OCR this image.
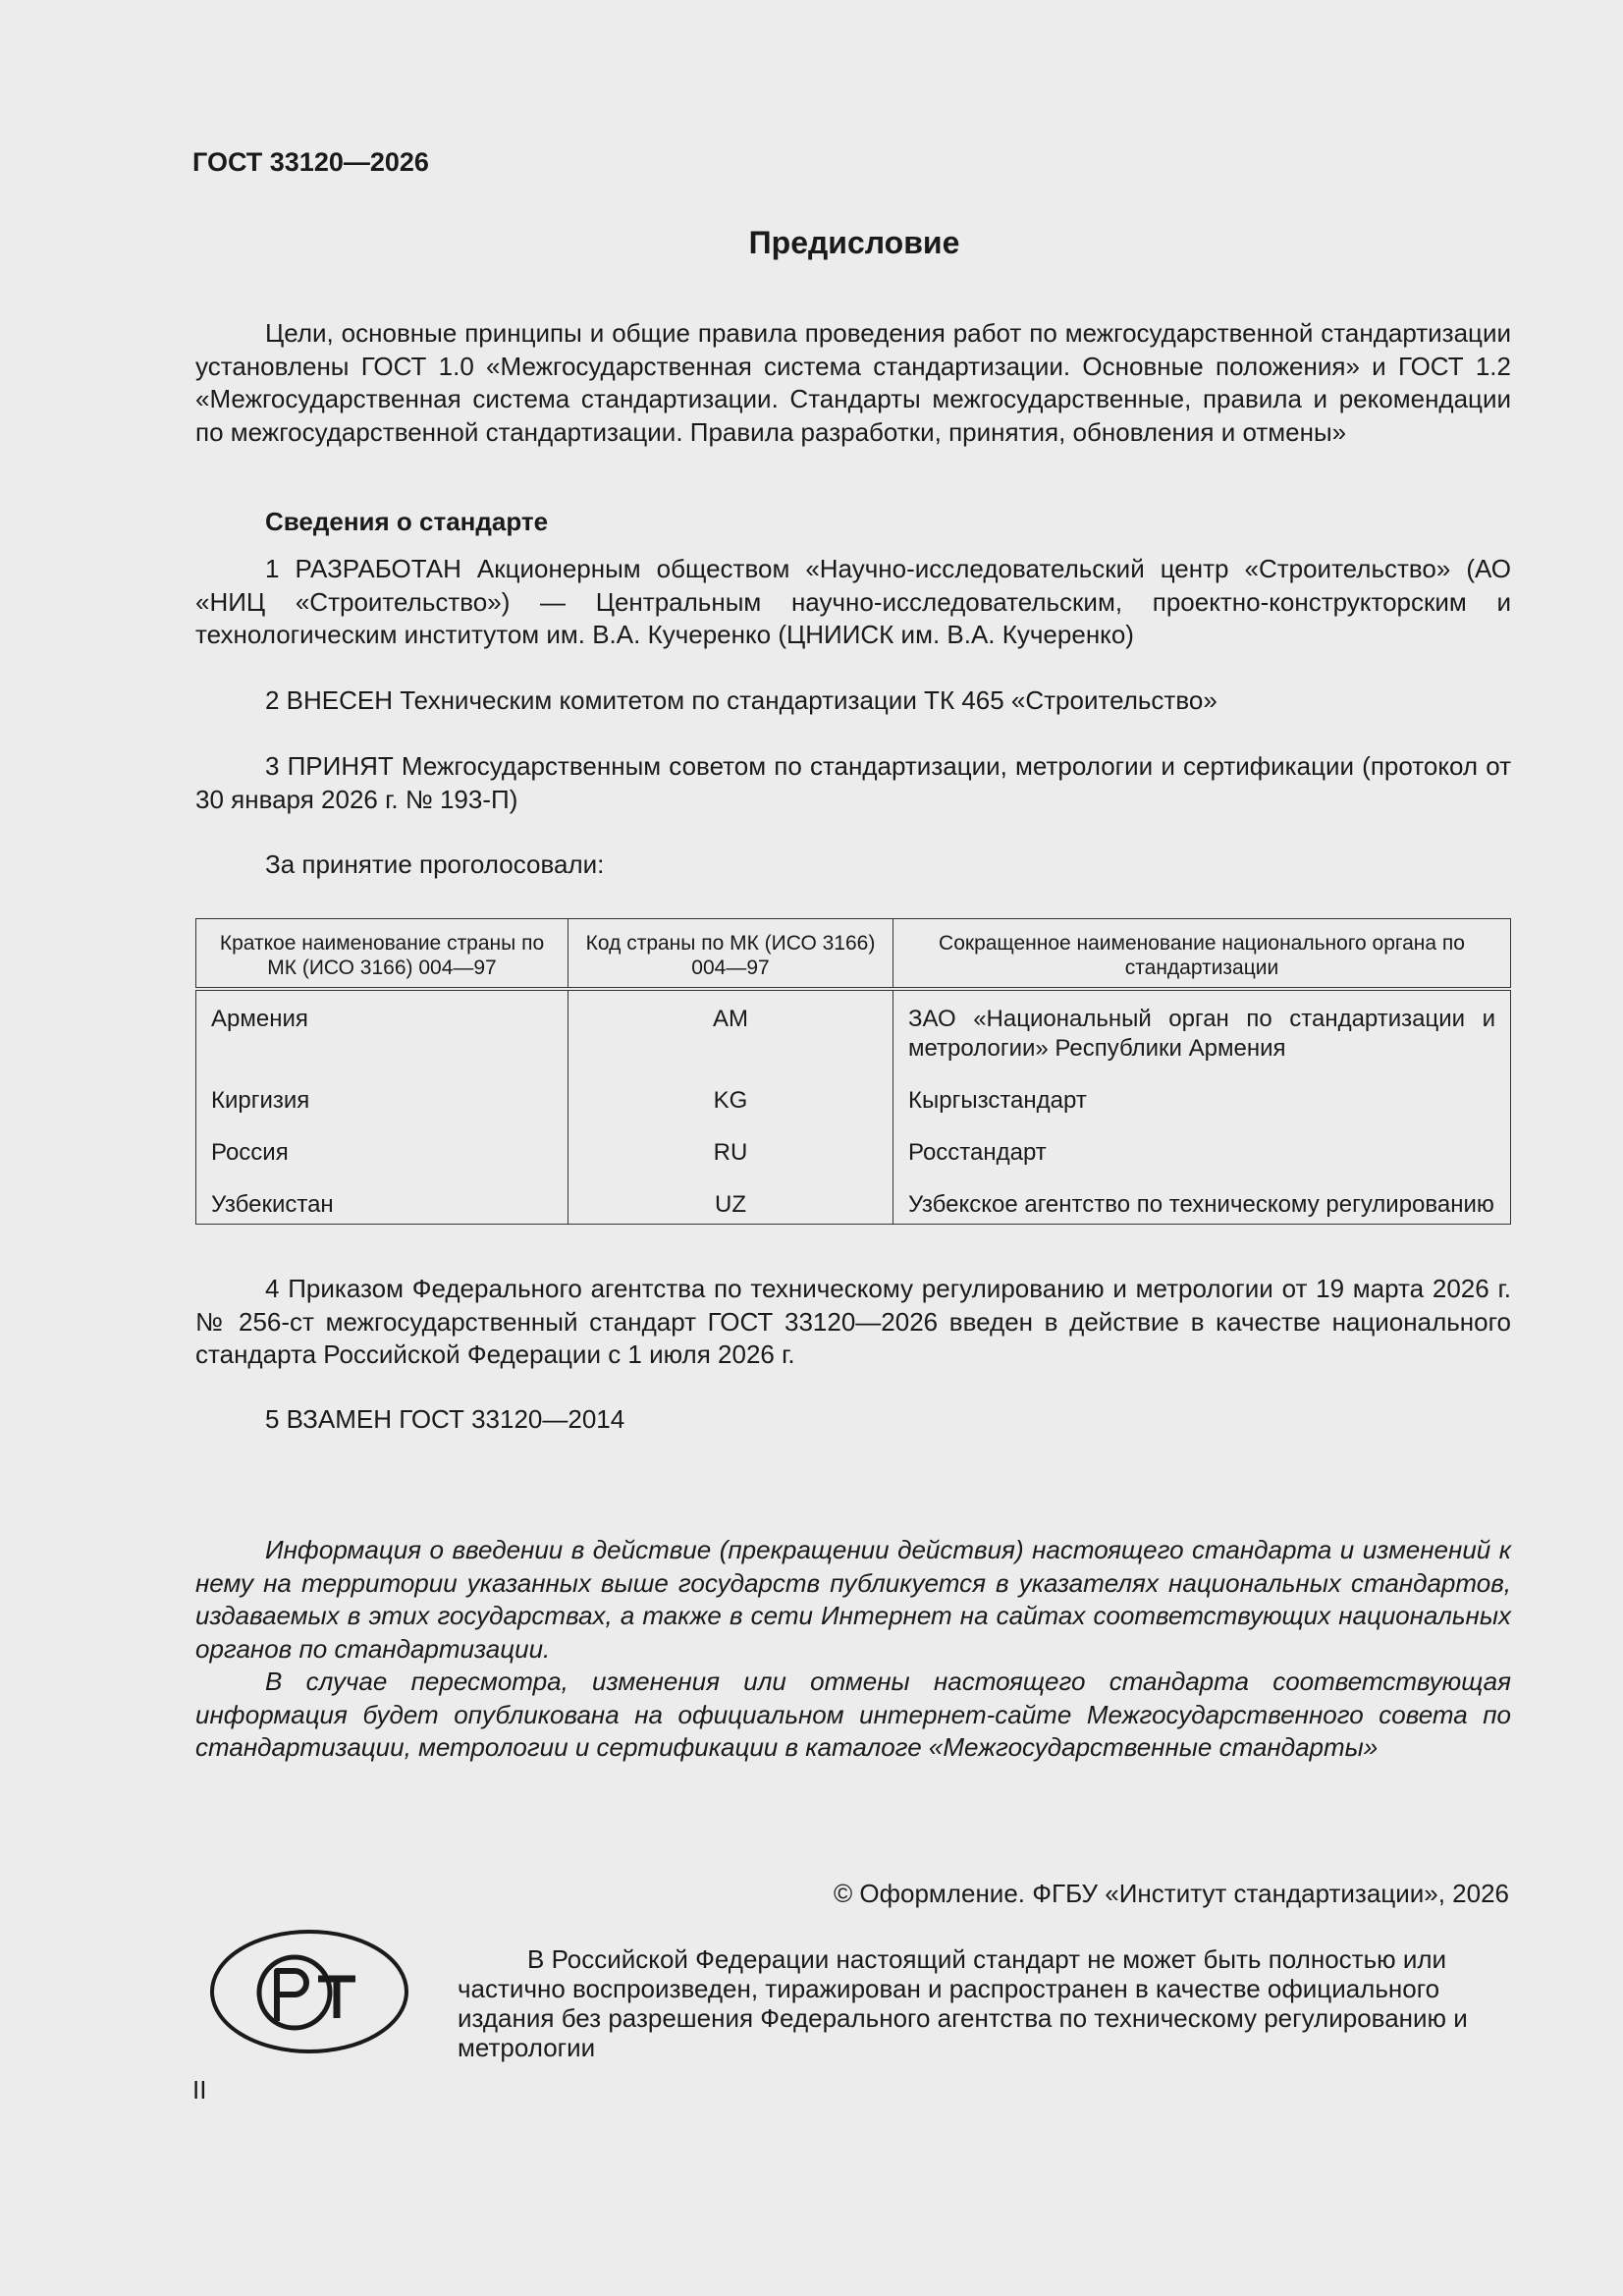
ГОСТ 33120—2026
Предисловие

Цели, основные принципы и общие правила проведения работ по межгосударственной стандартизации установлены ГОСТ 1.0 «Межгосударственная система стандартизации. Основные положения» и ГОСТ 1.2 «Межгосударственная система стандартизации. Стандарты межгосударственные, правила и рекомендации по межгосударственной стандартизации. Правила разработки, принятия, обновления и отмены»

Сведения о стандарте

1 РАЗРАБОТАН Акционерным обществом «Научно-исследовательский центр «Строительство» (АО «НИЦ «Строительство») — Центральным научно-исследовательским, проектно-конструкторским и технологическим институтом им. В.А. Кучеренко (ЦНИИСК им. В.А. Кучеренко)

2 ВНЕСЕН Техническим комитетом по стандартизации ТК 465 «Строительство»

3 ПРИНЯТ Межгосударственным советом по стандартизации, метрологии и сертификации (протокол от 30 января 2026 г. № 193-П)

За принятие проголосовали:

Краткое наименование страны по МК (ИСО 3166) 004—97	Код страны по МК (ИСО 3166) 004—97	Сокращенное наименование национального органа по стандартизации
Армения	AM	ЗАО «Национальный орган по стандартизации и метрологии» Республики Армения
Киргизия	KG	Кыргызстандарт
Россия	RU	Росстандарт
Узбекистан	UZ	Узбекское агентство по техническому регулированию

4 Приказом Федерального агентства по техническому регулированию и метрологии от 19 марта 2026 г. № 256-ст межгосударственный стандарт ГОСТ 33120—2026 введен в действие в качестве национального стандарта Российской Федерации с 1 июля 2026 г.

5 ВЗАМЕН ГОСТ 33120—2014

Информация о введении в действие (прекращении действия) настоящего стандарта и изменений к нему на территории указанных выше государств публикуется в указателях национальных стандартов, издаваемых в этих государствах, а также в сети Интернет на сайтах соответствующих национальных органов по стандартизации.

В случае пересмотра, изменения или отмены настоящего стандарта соответствующая информация будет опубликована на официальном интернет-сайте Межгосударственного совета по стандартизации, метрологии и сертификации в каталоге «Межгосударственные стандарты»

© Оформление. ФГБУ «Институт стандартизации», 2026

В Российской Федерации настоящий стандарт не может быть полностью или частично воспроизведен, тиражирован и распространен в качестве официального издания без разрешения Федерального агентства по техническому регулированию и метрологии

II
